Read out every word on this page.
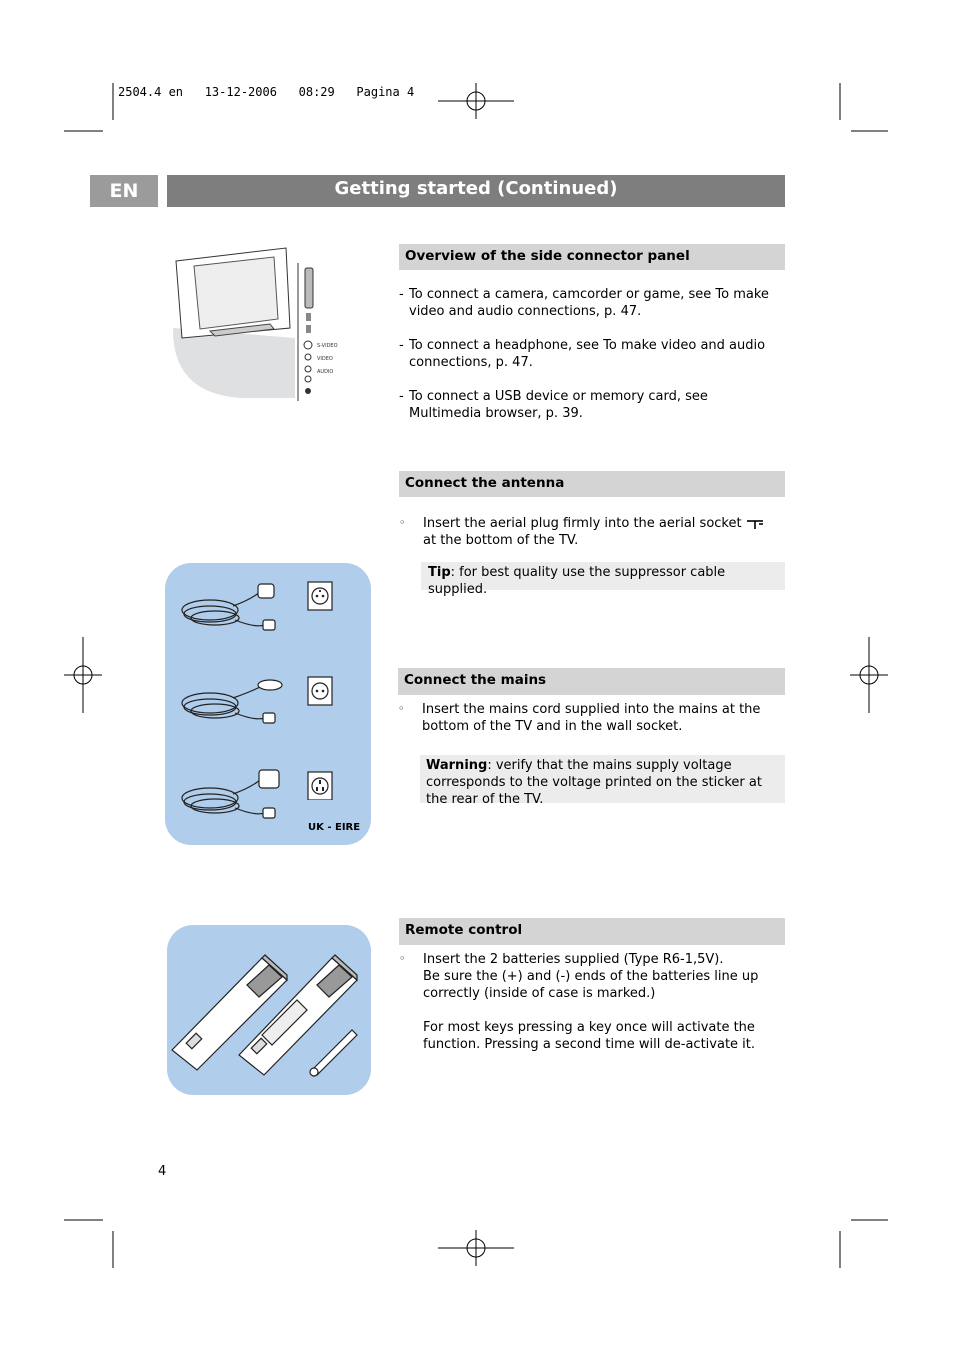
2504.4 en   13-12-2006   08:29   Pagina 4
EN	Getting started (Continued)
S-VIDEO
VIDEO
AUDIO
Overview of the side connector panel

- To connect a camera, camcorder or game, see To make video and audio connections, p. 47.

- To connect a headphone, see To make video and audio connections, p. 47.

- To connect a USB device or memory card, see Multimedia browser, p. 39.

Connect the antenna

◦ Insert the aerial plug firmly into the aerial socket  at the bottom of the TV.

Tip: for best quality use the suppressor cable supplied.
UK - EIRE
Connect the mains

◦ Insert the mains cord supplied into the mains at the bottom of the TV and in the wall socket.

Warning: verify that the mains supply voltage corresponds to the voltage printed on the sticker at the rear of the TV.
Remote control

◦ Insert the 2 batteries supplied (Type R6-1,5V).
Be sure the (+) and (-) ends of the batteries line up correctly (inside of case is marked.)

For most keys pressing a key once will activate the function. Pressing a second time will de-activate it.

4
